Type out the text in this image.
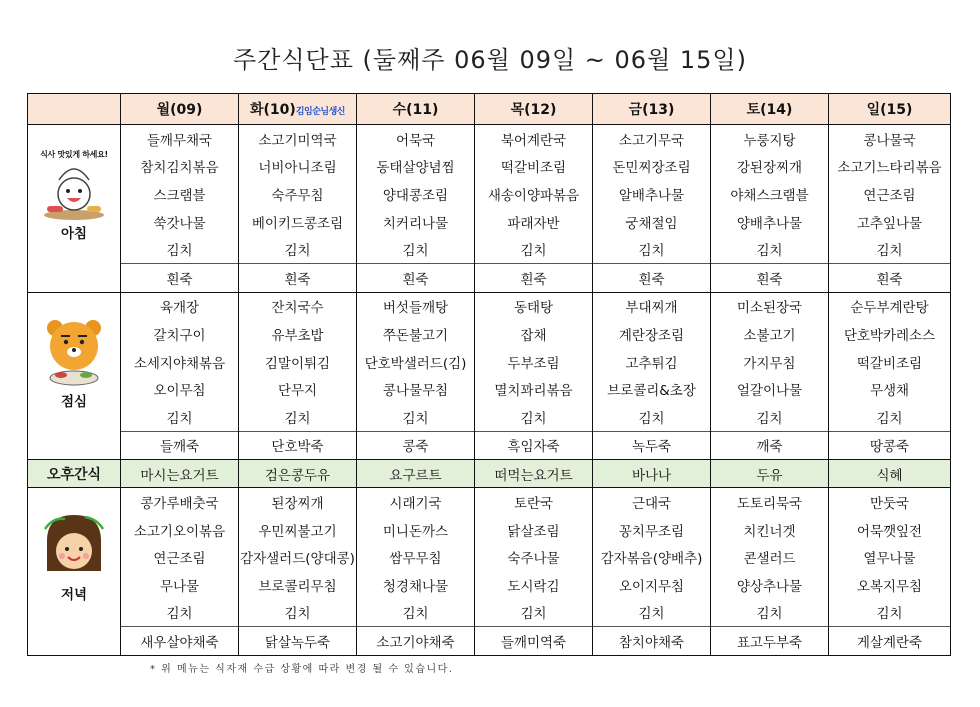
주간식단표 (둘째주 06월 09일 ~ 06월 15일)
	월(09)	화(10)김임순님생신	수(11)	목(12)	금(13)	토(14)	일(15)

식사 맛있게 하세요!
아침	들깨무채국	소고기미역국	어묵국	북어계란국	소고기무국	누룽지탕	콩나물국
	참치김치볶음	너비아니조림	동태살양념찜	떡갈비조림	돈민찌장조림	강된장찌개	소고기느타리볶음
	스크램블	숙주무침	양대콩조림	새송이양파볶음	알배추나물	야채스크램블	연근조림
	쑥갓나물	베이키드콩조림	치커리나물	파래자반	궁채절임	양배추나물	고추잎나물
	김치	김치	김치	김치	김치	김치	김치
	흰죽	흰죽	흰죽	흰죽	흰죽	흰죽	흰죽

점심	육개장	잔치국수	버섯들깨탕	동태탕	부대찌개	미소된장국	순두부계란탕
	갈치구이	유부초밥	쭈돈불고기	잡채	계란장조림	소불고기	단호박카레소스
	소세지야채볶음	김말이튀김	단호박샐러드(김)	두부조림	고추튀김	가지무침	떡갈비조림
	오이무침	단무지	콩나물무침	멸치꽈리볶음	브로콜리&초장	얼갈이나물	무생채
	김치	김치	김치	김치	김치	김치	김치
	들깨죽	단호박죽	콩죽	흑임자죽	녹두죽	깨죽	땅콩죽
오후간식	마시는요거트	검은콩두유	요구르트	떠먹는요거트	바나나	두유	식혜

저녁	콩가루배춧국	된장찌개	시래기국	토란국	근대국	도토리묵국	만둣국
	소고기오이볶음	우민찌불고기	미니돈까스	닭살조림	꽁치무조림	치킨너겟	어묵깻잎전
	연근조림	감자샐러드(양대콩)	쌈무무침	숙주나물	감자볶음(양배추)	콘샐러드	열무나물
	무나물	브로콜리무침	청경채나물	도시락김	오이지무침	양상추나물	오복지무침
	김치	김치	김치	김치	김치	김치	김치
	새우살야채죽	닭살녹두죽	소고기야채죽	들깨미역죽	참치야채죽	표고두부죽	게살계란죽
* 위 메뉴는 식자재 수급 상황에 따라 변경 될 수 있습니다.
